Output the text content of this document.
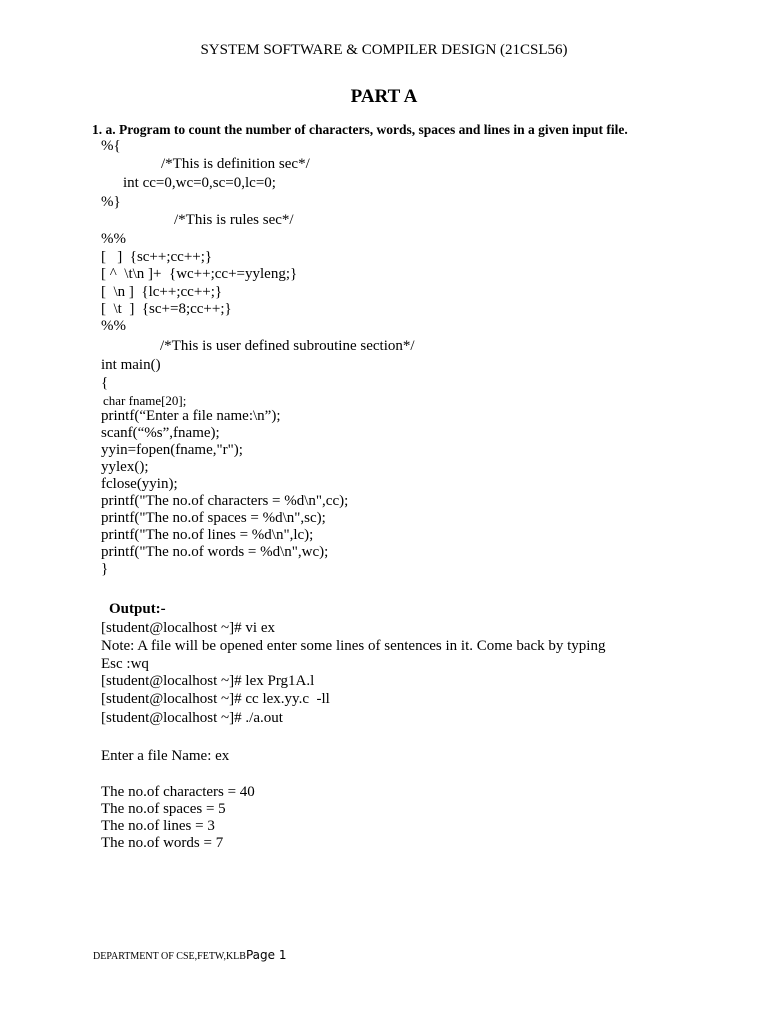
SYSTEM SOFTWARE & COMPILER DESIGN (21CSL56)
PART A
1. a. Program to count the number of characters, words, spaces and lines in a given input file.
%{
/*This is definition sec*/
int cc=0,wc=0,sc=0,lc=0;
%}
/*This is rules sec*/
%%
[   ]  {sc++;cc++;}
[ ^  \t\n ]+  {wc++;cc+=yyleng;}
[  \n ]  {lc++;cc++;}
[  \t  ]  {sc+=8;cc++;}
%%
/*This is user defined subroutine section*/
int main()
{
char fname[20];
printf(“Enter a file name:\n”);
scanf(“%s”,fname);
yyin=fopen(fname,"r");
yylex();
fclose(yyin);
printf("The no.of characters = %d\n",cc);
printf("The no.of spaces = %d\n",sc);
printf("The no.of lines = %d\n",lc);
printf("The no.of words = %d\n",wc);
}
Output:-
[student@localhost ~]# vi ex
Note: A file will be opened enter some lines of sentences in it. Come back by typing
Esc :wq
[student@localhost ~]# lex Prg1A.l
[student@localhost ~]# cc lex.yy.c  -ll
[student@localhost ~]# ./a.out
Enter a file Name: ex
The no.of characters = 40
The no.of spaces = 5
The no.of lines = 3
The no.of words = 7
DEPARTMENT OF CSE,FETW,KLBPage 1
